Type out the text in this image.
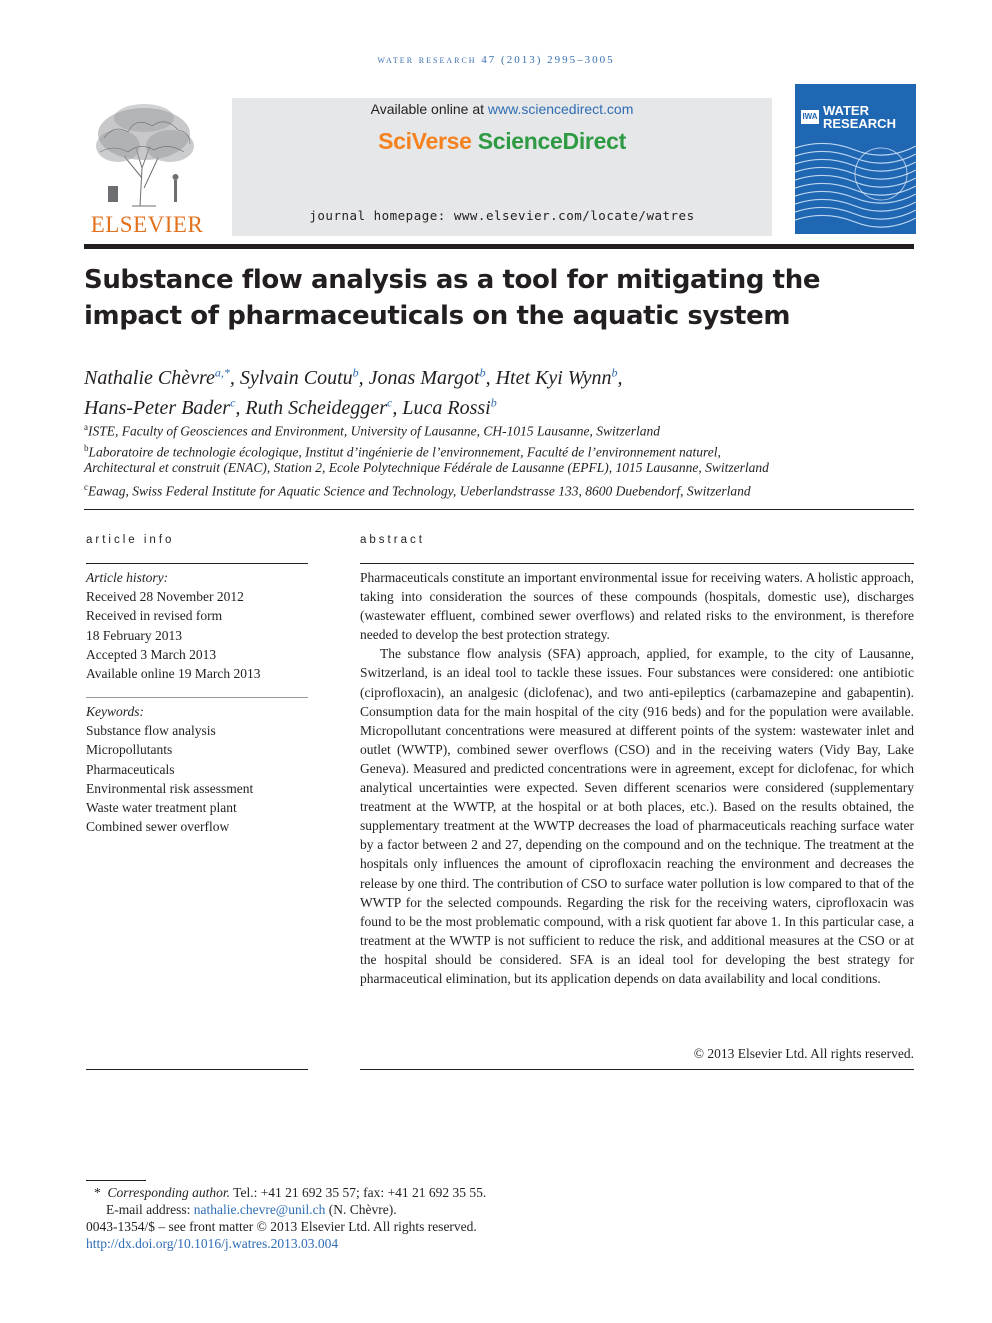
water research 47 (2013) 2995–3005
ELSEVIER
Available online at www.sciencedirect.com
SciVerse ScienceDirect
journal homepage: www.elsevier.com/locate/watres
IWA WATER
RESEARCH
Substance flow analysis as a tool for mitigating the impact of pharmaceuticals on the aquatic system
Nathalie Chèvre$^{a,*}$, Sylvain Coutu$^b$, Jonas Margot$^b$, Htet Kyi Wynn$^b$,
Hans-Peter Bader$^c$, Ruth Scheidegger$^c$, Luca Rossi$^b$
$^a$ISTE, Faculty of Geosciences and Environment, University of Lausanne, CH-1015 Lausanne, Switzerland
$^b$Laboratoire de technologie écologique, Institut d’ingénierie de l’environnement, Faculté de l’environnement naturel,
Architectural et construit (ENAC), Station 2, Ecole Polytechnique Fédérale de Lausanne (EPFL), 1015 Lausanne, Switzerland
$^c$Eawag, Swiss Federal Institute for Aquatic Science and Technology, Ueberlandstrasse 133, 8600 Duebendorf, Switzerland
article info
Article history:
Received 28 November 2012
Received in revised form
18 February 2013
Accepted 3 March 2013
Available online 19 March 2013
Keywords:
Substance flow analysis
Micropollutants
Pharmaceuticals
Environmental risk assessment
Waste water treatment plant
Combined sewer overflow
abstract

Pharmaceuticals constitute an important environmental issue for receiving waters. A holistic approach, taking into consideration the sources of these compounds (hospitals, domestic use), discharges (wastewater effluent, combined sewer overflows) and related risks to the environment, is therefore needed to develop the best protection strategy.

The substance flow analysis (SFA) approach, applied, for example, to the city of Lausanne, Switzerland, is an ideal tool to tackle these issues. Four substances were considered: one antibiotic (ciprofloxacin), an analgesic (diclofenac), and two anti-epileptics (carbamazepine and gabapentin). Consumption data for the main hospital of the city (916 beds) and for the population were available. Micropollutant concentrations were measured at different points of the system: wastewater inlet and outlet (WWTP), combined sewer overflows (CSO) and in the receiving waters (Vidy Bay, Lake Geneva). Measured and predicted concentrations were in agreement, except for diclofenac, for which analytical uncertainties were expected. Seven different scenarios were considered (supplementary treatment at the WWTP, at the hospital or at both places, etc.). Based on the results obtained, the supplementary treatment at the WWTP decreases the load of pharmaceuticals reaching surface water by a factor between 2 and 27, depending on the compound and on the technique. The treatment at the hospitals only influences the amount of ciprofloxacin reaching the environment and decreases the release by one third. The contribution of CSO to surface water pollution is low compared to that of the WWTP for the selected compounds. Regarding the risk for the receiving waters, ciprofloxacin was found to be the most problematic compound, with a risk quotient far above 1. In this particular case, a treatment at the WWTP is not sufficient to reduce the risk, and additional measures at the CSO or at the hospital should be considered. SFA is an ideal tool for developing the best strategy for pharmaceutical elimination, but its application depends on data availability and local conditions.

© 2013 Elsevier Ltd. All rights reserved.
* Corresponding author. Tel.: +41 21 692 35 57; fax: +41 21 692 35 55.
E-mail address: nathalie.chevre@unil.ch (N. Chèvre).
0043-1354/$ – see front matter © 2013 Elsevier Ltd. All rights reserved.
http://dx.doi.org/10.1016/j.watres.2013.03.004
